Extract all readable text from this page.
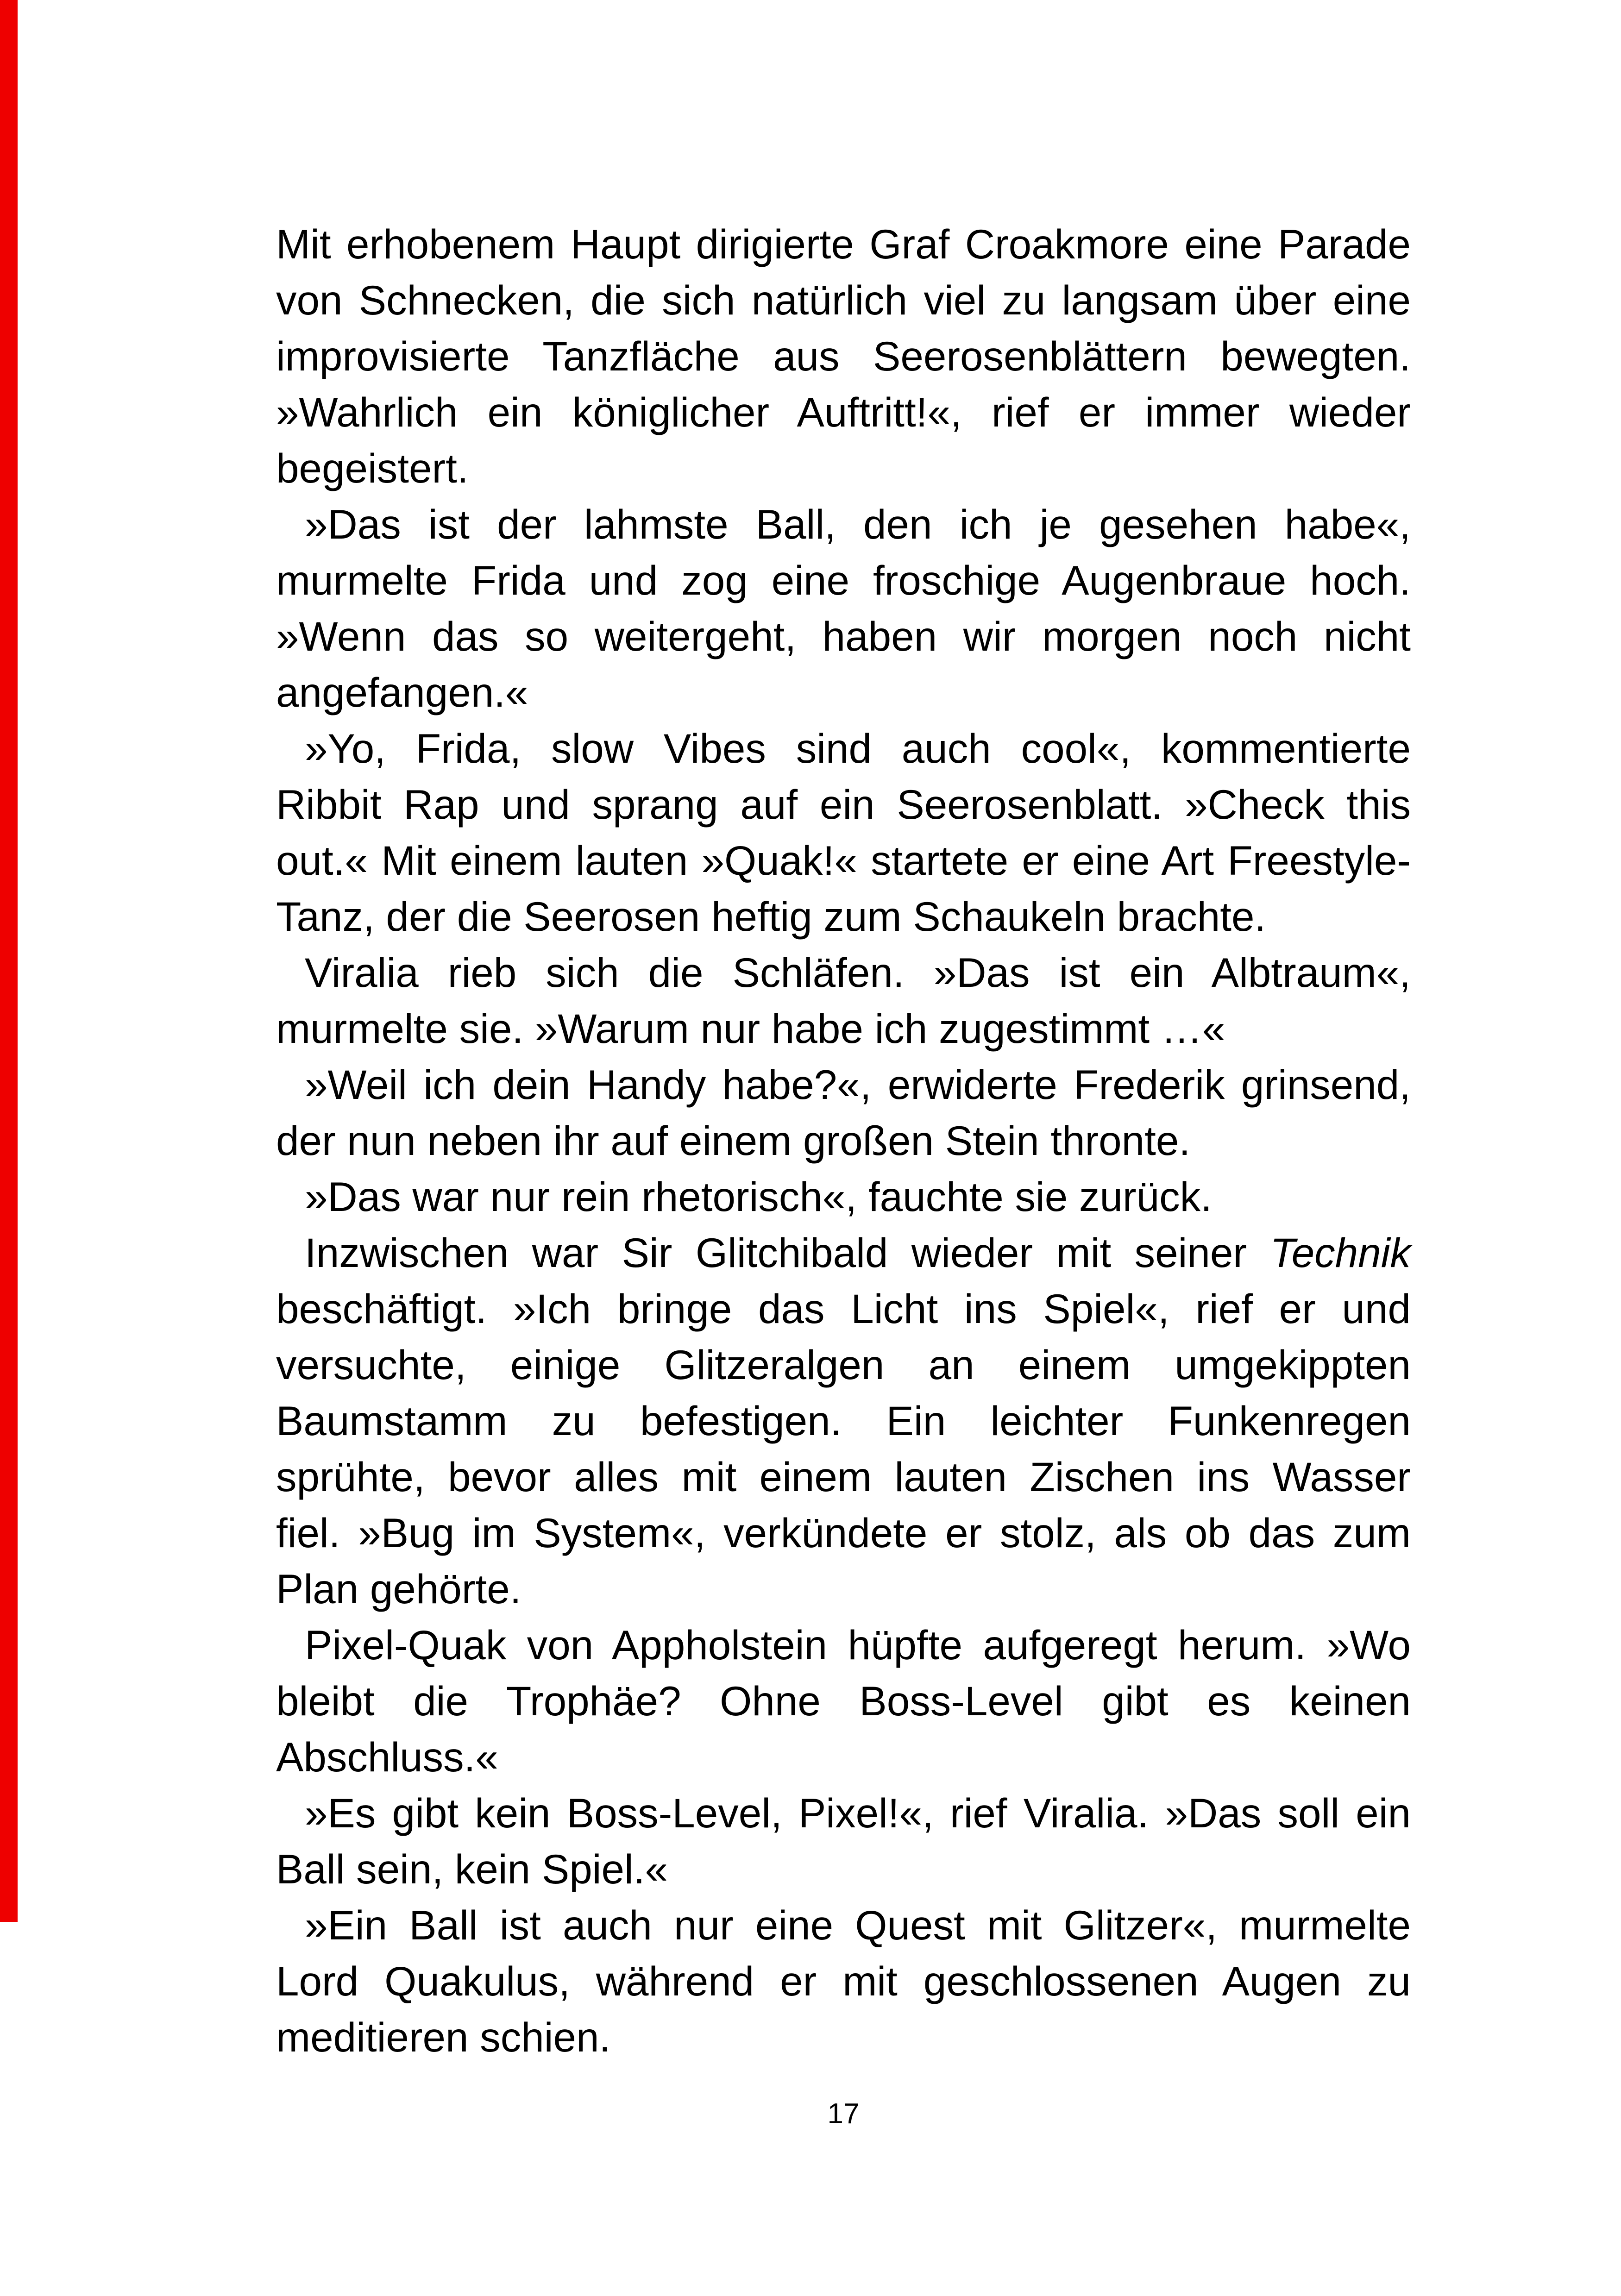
Mit erhobenem Haupt dirigierte Graf Croakmore eine Parade
von Schnecken, die sich natürlich viel zu langsam über eine
improvisierte Tanzfläche aus Seerosenblättern bewegten.
»Wahrlich ein königlicher Auftritt!«, rief er immer wieder
begeistert.
»Das ist der lahmste Ball, den ich je gesehen habe«,
murmelte Frida und zog eine froschige Augenbraue hoch.
»Wenn das so weitergeht, haben wir morgen noch nicht
angefangen.«
»Yo, Frida, slow Vibes sind auch cool«, kommentierte
Ribbit Rap und sprang auf ein Seerosenblatt. »Check this
out.« Mit einem lauten »Quak!« startete er eine Art Freestyle-
Tanz, der die Seerosen heftig zum Schaukeln brachte.
Viralia rieb sich die Schläfen. »Das ist ein Albtraum«,
murmelte sie. »Warum nur habe ich zugestimmt …«
»Weil ich dein Handy habe?«, erwiderte Frederik grinsend,
der nun neben ihr auf einem großen Stein thronte.
»Das war nur rein rhetorisch«, fauchte sie zurück.
Inzwischen war Sir Glitchibald wieder mit seiner Technik
beschäftigt. »Ich bringe das Licht ins Spiel«, rief er und
versuchte, einige Glitzeralgen an einem umgekippten
Baumstamm zu befestigen. Ein leichter Funkenregen
sprühte, bevor alles mit einem lauten Zischen ins Wasser
fiel. »Bug im System«, verkündete er stolz, als ob das zum
Plan gehörte.
Pixel-Quak von Appholstein hüpfte aufgeregt herum. »Wo
bleibt die Trophäe? Ohne Boss-Level gibt es keinen
Abschluss.«
»Es gibt kein Boss-Level, Pixel!«, rief Viralia. »Das soll ein
Ball sein, kein Spiel.«
»Ein Ball ist auch nur eine Quest mit Glitzer«, murmelte
Lord Quakulus, während er mit geschlossenen Augen zu
meditieren schien.
17
